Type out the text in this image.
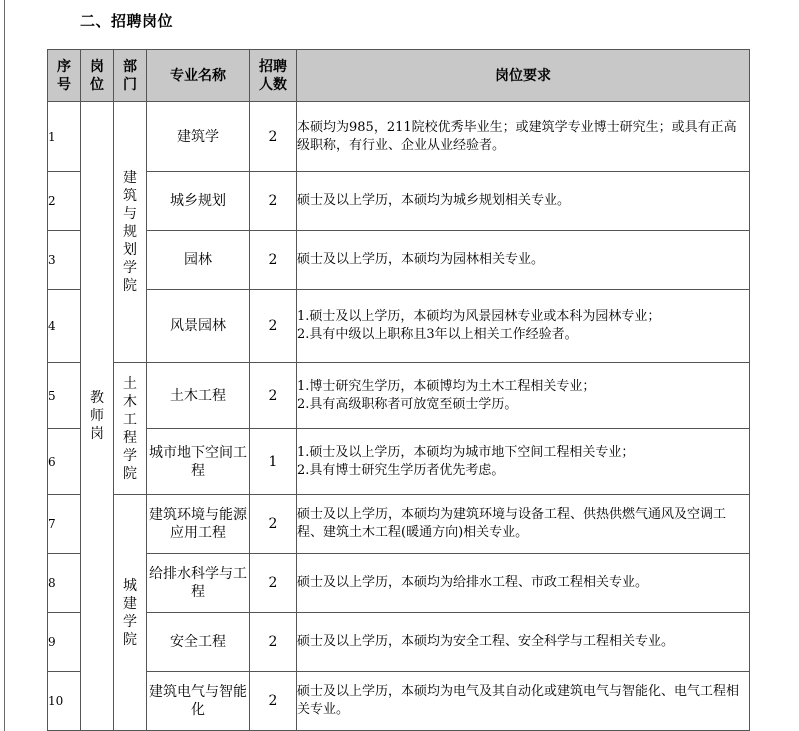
二、招聘岗位
序号	岗位	部门	专业名称	招聘人数	岗位要求
1	教师岗	建筑与规划学院	建筑学	2	本硕均为985，211院校优秀毕业生；或建筑学专业博士研究生；或具有正高级职称，有行业、企业从业经验者。

2			城乡规划	2	硕士及以上学历，本硕均为城乡规划相关专业。

3			园林	2	硕士及以上学历，本硕均为园林相关专业。

4			风景园林	2	1.硕士及以上学历，本硕均为风景园林专业或本科为园林专业；
2.具有中级以上职称且3年以上相关工作经验者。

5		土木工程学院	土木工程	2	1.博士研究生学历，本硕博均为土木工程相关专业；
2.具有高级职称者可放宽至硕士学历。

6			城市地下空间工程	1	1.硕士及以上学历，本硕均为城市地下空间工程相关专业；
2.具有博士研究生学历者优先考虑。

7		城建学院	建筑环境与能源应用工程	2	硕士及以上学历，本硕均为建筑环境与设备工程、供热供燃气通风及空调工程、建筑土木工程(暖通方向)相关专业。

8			给排水科学与工程	2	硕士及以上学历，本硕均为给排水工程、市政工程相关专业。

9			安全工程	2	硕士及以上学历，本硕均为安全工程、安全科学与工程相关专业。

10			建筑电气与智能化	2	硕士及以上学历，本硕均为电气及其自动化或建筑电气与智能化、电气工程相关专业。
